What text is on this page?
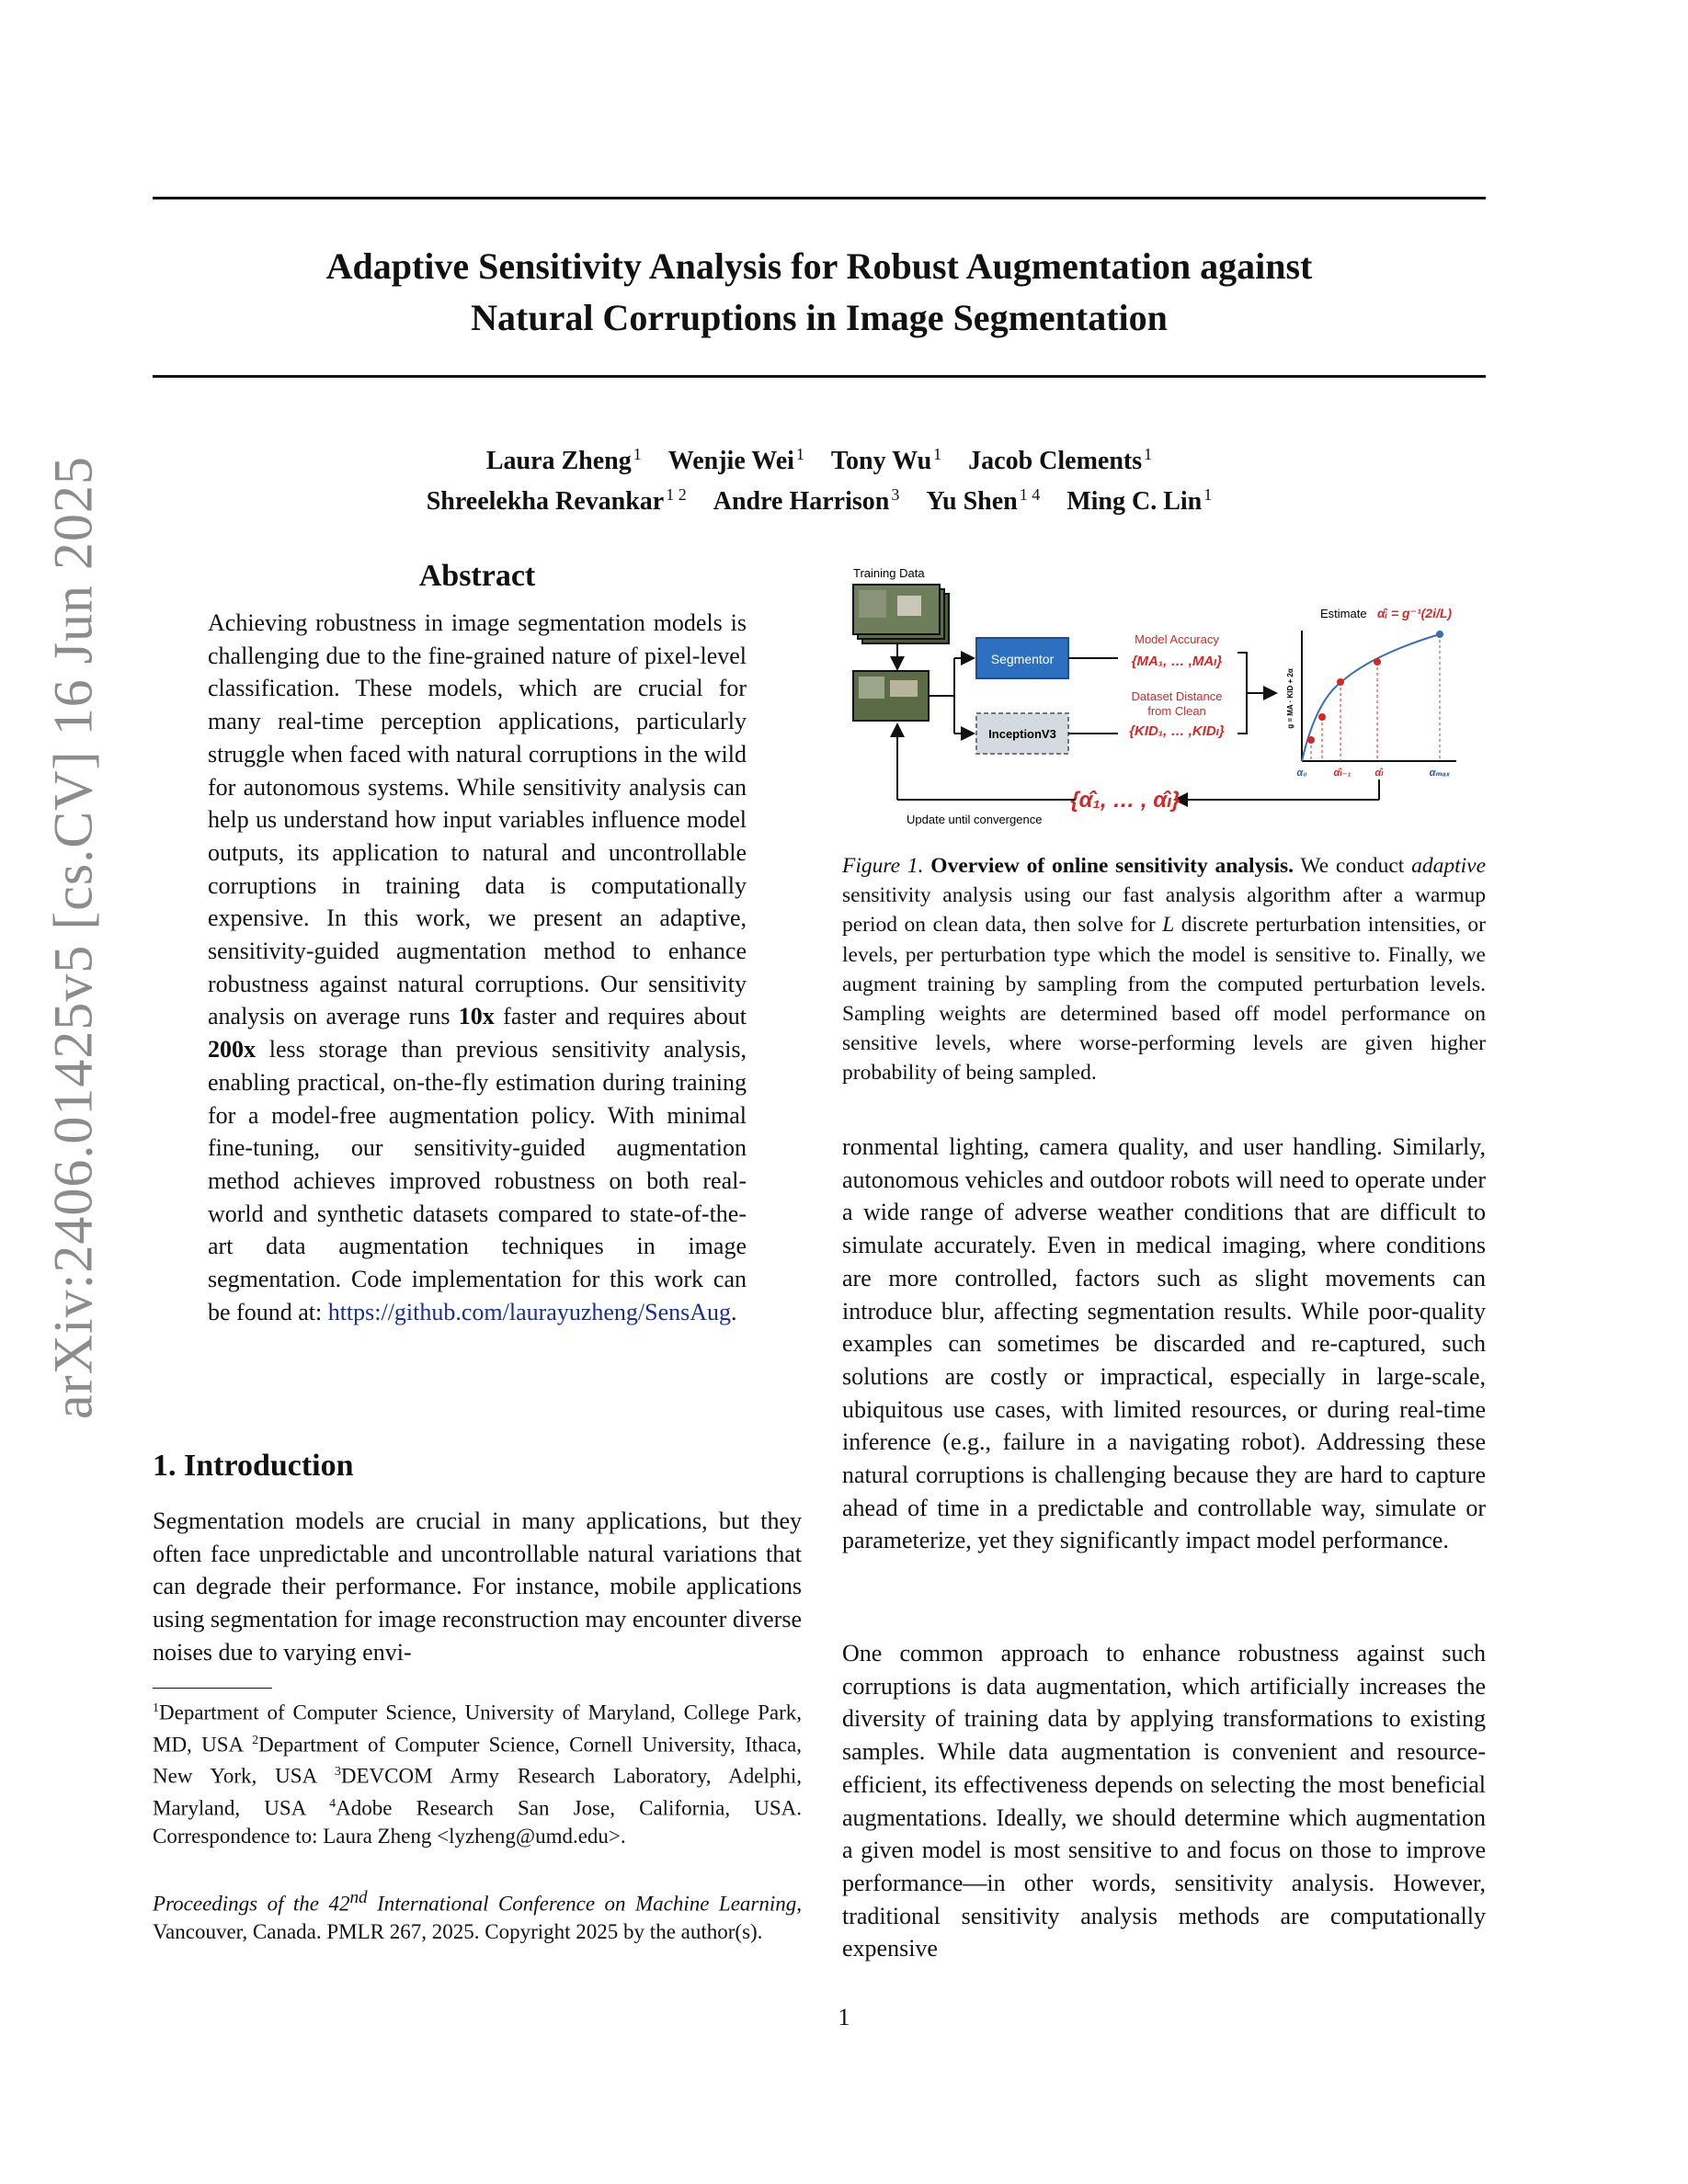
arXiv:2406.01425v5 [cs.CV] 16 Jun 2025
Adaptive Sensitivity Analysis for Robust Augmentation against
Natural Corruptions in Image Segmentation
Laura Zheng $^1$ Wenjie Wei $^1$ Tony Wu $^1$ Jacob Clements $^1$
Shreelekha Revankar $^{1 2}$ Andre Harrison $^3$ Yu Shen $^{1 4}$ Ming C. Lin $^1$
Abstract
Achieving robustness in image segmentation models is challenging due to the fine-grained nature of pixel-level classification. These models, which are crucial for many real-time perception applications, particularly struggle when faced with natural corruptions in the wild for autonomous systems. While sensitivity analysis can help us understand how input variables influence model outputs, its application to natural and uncontrollable corruptions in training data is computationally expensive. In this work, we present an adaptive, sensitivity-guided augmentation method to enhance robustness against natural corruptions. Our sensitivity analysis on average runs 10x faster and requires about 200x less storage than previous sensitivity analysis, enabling practical, on-the-fly estimation during training for a model-free augmentation policy. With minimal fine-tuning, our sensitivity-guided augmentation method achieves improved robustness on both real-world and synthetic datasets compared to state-of-the-art data augmentation techniques in image segmentation. Code implementation for this work can be found at: https://github.com/laurayuzheng/SensAug.
1. Introduction
Segmentation models are crucial in many applications, but they often face unpredictable and uncontrollable natural variations that can degrade their performance. For instance, mobile applications using segmentation for image reconstruction may encounter diverse noises due to varying envi-
$^1$Department of Computer Science, University of Maryland, College Park, MD, USA $^2$Department of Computer Science, Cornell University, Ithaca, New York, USA $^3$DEVCOM Army Research Laboratory, Adelphi, Maryland, USA $^4$Adobe Research San Jose, California, USA. Correspondence to: Laura Zheng <lyzheng@umd.edu>.
Proceedings of the 42nd International Conference on Machine Learning, Vancouver, Canada. PMLR 267, 2025. Copyright 2025 by the author(s).
Training Data
Segmentor
InceptionV3
Model Accuracy
{MA₁, … ,MAₗ}
Dataset Distance
from Clean
{KID₁, … ,KIDₗ}
Estimate α̂ᵢ = g⁻¹(2i/L)
g = MA · KID + 2α
α₀	α̂ₗ₋₁ α̂ₗ	αₘₐₓ
{α̂₁, … , α̂ₗ}
Update until convergence
Figure 1. Overview of online sensitivity analysis. We conduct adaptive sensitivity analysis using our fast analysis algorithm after a warmup period on clean data, then solve for L discrete perturbation intensities, or levels, per perturbation type which the model is sensitive to. Finally, we augment training by sampling from the computed perturbation levels. Sampling weights are determined based off model performance on sensitive levels, where worse-performing levels are given higher probability of being sampled.
ronmental lighting, camera quality, and user handling. Similarly, autonomous vehicles and outdoor robots will need to operate under a wide range of adverse weather conditions that are difficult to simulate accurately. Even in medical imaging, where conditions are more controlled, factors such as slight movements can introduce blur, affecting segmentation results. While poor-quality examples can sometimes be discarded and re-captured, such solutions are costly or impractical, especially in large-scale, ubiquitous use cases, with limited resources, or during real-time inference (e.g., failure in a navigating robot). Addressing these natural corruptions is challenging because they are hard to capture ahead of time in a predictable and controllable way, simulate or parameterize, yet they significantly impact model performance.
One common approach to enhance robustness against such corruptions is data augmentation, which artificially increases the diversity of training data by applying transformations to existing samples. While data augmentation is convenient and resource-efficient, its effectiveness depends on selecting the most beneficial augmentations. Ideally, we should determine which augmentation a given model is most sensitive to and focus on those to improve performance—in other words, sensitivity analysis. However, traditional sensitivity analysis methods are computationally expensive
1
